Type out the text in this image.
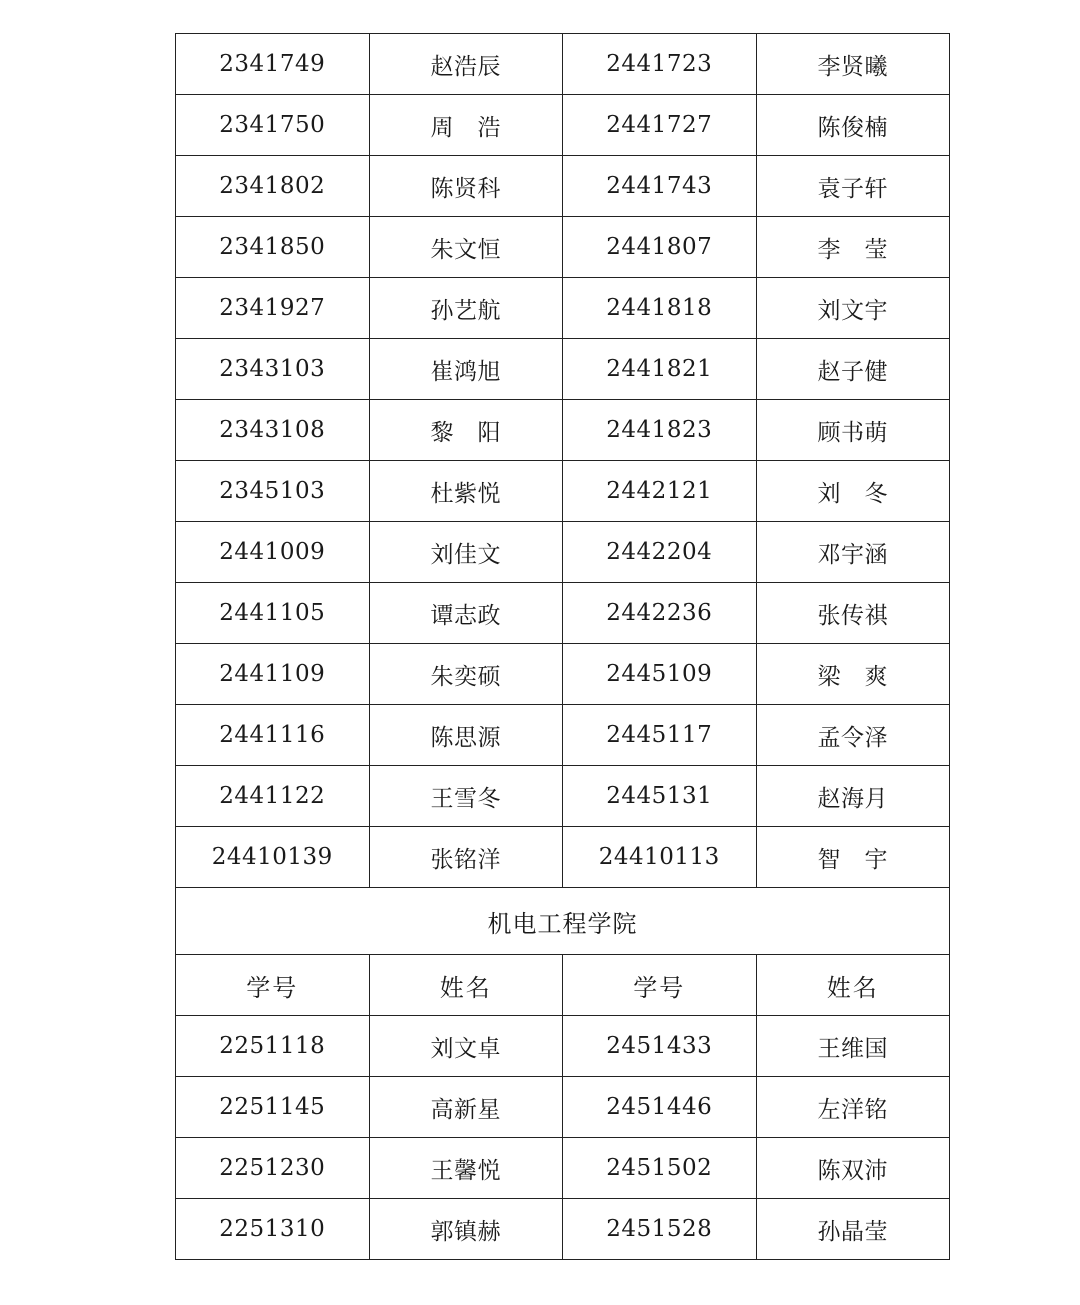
2341749	赵浩辰	2441723	李贤曦
2341750	周　浩	2441727	陈俊楠
2341802	陈贤科	2441743	袁子轩
2341850	朱文恒	2441807	李　莹
2341927	孙艺航	2441818	刘文宇
2343103	崔鸿旭	2441821	赵子健
2343108	黎　阳	2441823	顾书萌
2345103	杜紫悦	2442121	刘　冬
2441009	刘佳文	2442204	邓宇涵
2441105	谭志政	2442236	张传祺
2441109	朱奕硕	2445109	梁　爽
2441116	陈思源	2445117	孟令泽
2441122	王雪冬	2445131	赵海月
24410139	张铭洋	24410113	智　宇
机电工程学院			
学号	姓名	学号	姓名
2251118	刘文卓	2451433	王维国
2251145	高新星	2451446	左洋铭
2251230	王馨悦	2451502	陈双沛
2251310	郭镇赫	2451528	孙晶莹
